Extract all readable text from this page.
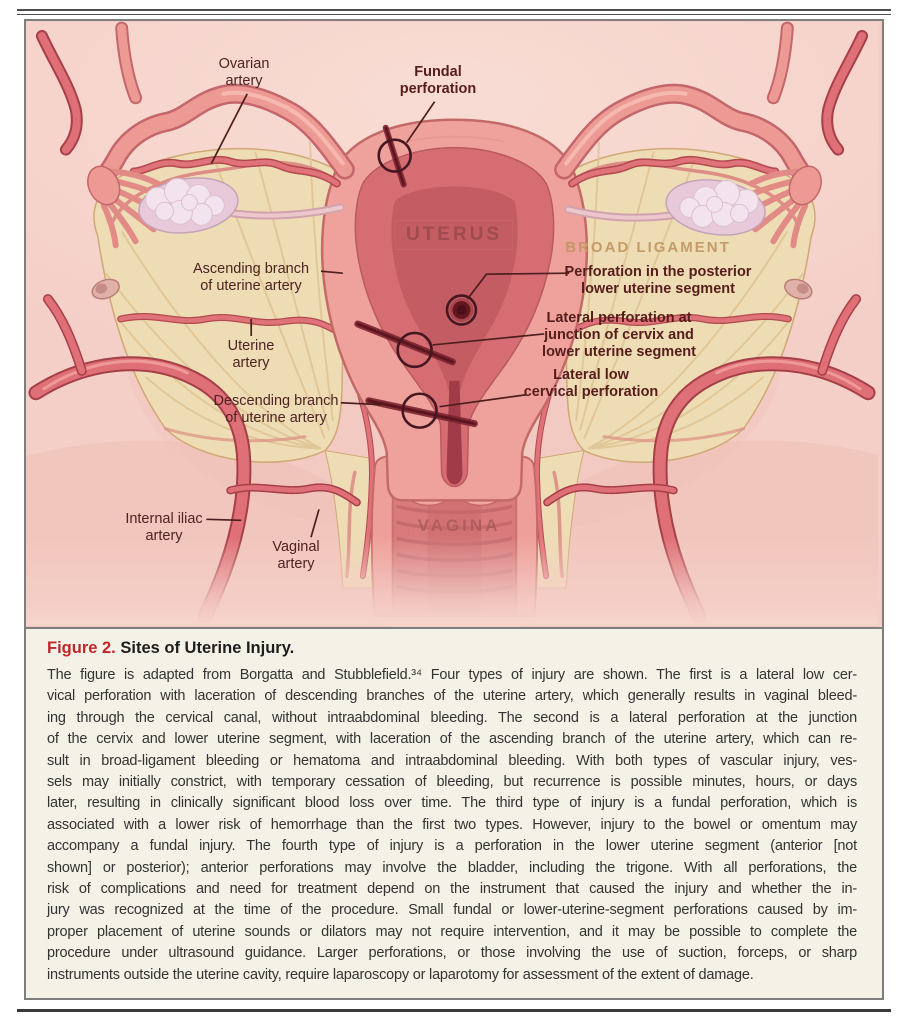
Ovarian
artery
Ascending branch
of uterine artery
Uterine
artery
Descending branch
of uterine artery
Internal iliac
artery
Vaginal
artery
Fundal
perforation
Perforation in the posterior
lower uterine segment
Lateral perforation at
junction of cervix and
lower uterine segment
Lateral low
cervical perforation
UTERUS
BROAD LIGAMENT
VAGINA
Figure 2. Sites of Uterine Injury.
The figure is adapted from Borgatta and Stubblefield.³⁴ Four types of injury are shown. The first is a lateral low cer-
vical perforation with laceration of descending branches of the uterine artery, which generally results in vaginal bleed-
ing through the cervical canal, without intraabdominal bleeding. The second is a lateral perforation at the junction
of the cervix and lower uterine segment, with laceration of the ascending branch of the uterine artery, which can re-
sult in broad-ligament bleeding or hematoma and intraabdominal bleeding. With both types of vascular injury, ves-
sels may initially constrict, with temporary cessation of bleeding, but recurrence is possible minutes, hours, or days
later, resulting in clinically significant blood loss over time. The third type of injury is a fundal perforation, which is
associated with a lower risk of hemorrhage than the first two types. However, injury to the bowel or omentum may
accompany a fundal injury. The fourth type of injury is a perforation in the lower uterine segment (anterior [not
shown] or posterior); anterior perforations may involve the bladder, including the trigone. With all perforations, the
risk of complications and need for treatment depend on the instrument that caused the injury and whether the in-
jury was recognized at the time of the procedure. Small fundal or lower-uterine-segment perforations caused by im-
proper placement of uterine sounds or dilators may not require intervention, and it may be possible to complete the
procedure under ultrasound guidance. Larger perforations, or those involving the use of suction, forceps, or sharp
instruments outside the uterine cavity, require laparoscopy or laparotomy for assessment of the extent of damage.
